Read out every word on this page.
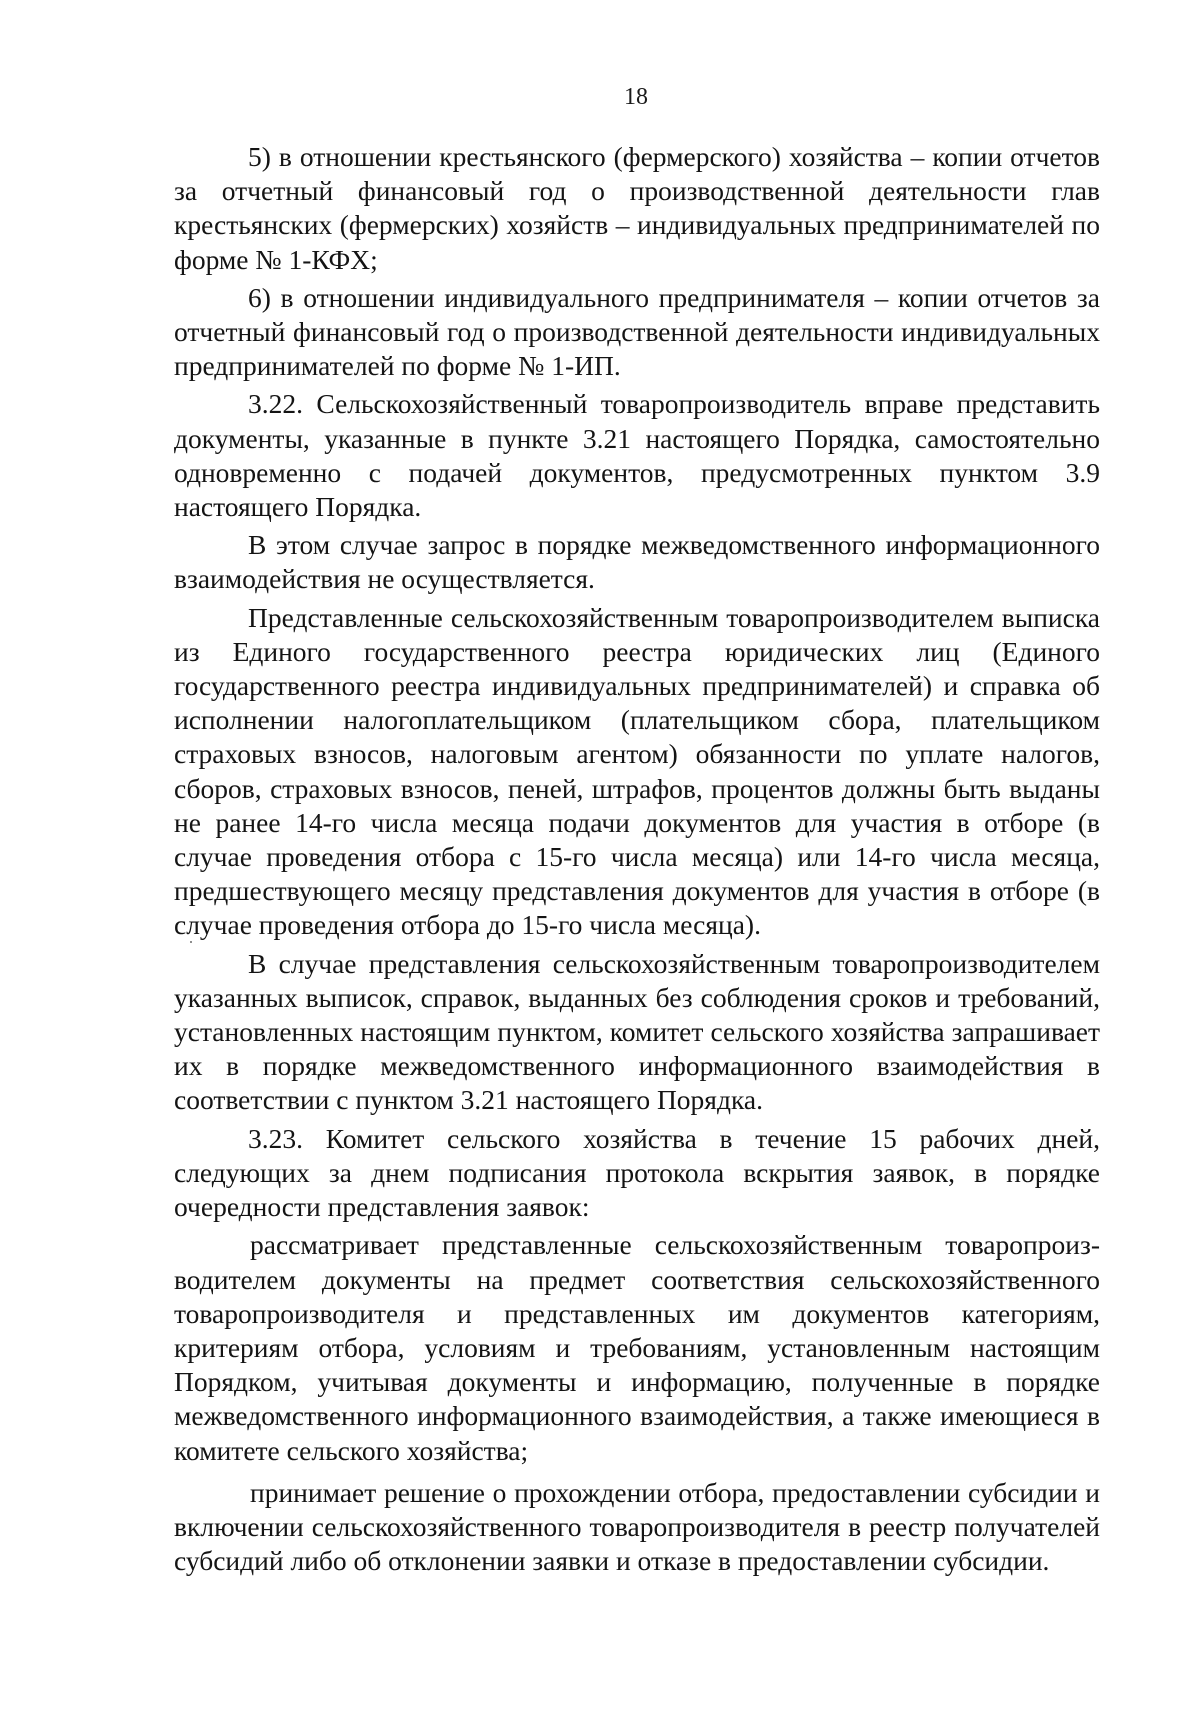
18

5) в отношении крестьянского (фермерского) хозяйства – копии отчетов за отчетный финансовый год о производственной деятельности глав крестьянских (фермерских) хозяйств – индивидуальных предпринимателей по форме № 1-КФХ;

6) в отношении индивидуального предпринимателя – копии отчетов за отчетный финансовый год о производственной деятельности индивидуальных предпринимателей по форме № 1-ИП.

3.22. Сельскохозяйственный товаропроизводитель вправе представить документы, указанные в пункте 3.21 настоящего Порядка, самостоятельно одновременно с подачей документов, предусмотренных пунктом 3.9 настоящего Порядка.

В этом случае запрос в порядке межведомственного информационного взаимодействия не осуществляется.

Представленные сельскохозяйственным товаропроизводителем выписка из Единого государственного реестра юридических лиц (Единого государственного реестра индивидуальных предпринимателей) и справка об исполнении налогоплательщиком (плательщиком сбора, плательщиком страховых взносов, налоговым агентом) обязанности по уплате налогов, сборов, страховых взносов, пеней, штрафов, процентов должны быть выданы не ранее 14-го числа месяца подачи документов для участия в отборе (в случае проведения отбора с 15-го числа месяца) или 14-го числа месяца, предшествующего месяцу представления документов для участия в отборе (в случае проведения отбора до 15-го числа месяца).

В случае представления сельскохозяйственным товаропроизводителем указанных выписок, справок, выданных без соблюдения сроков и требований, установленных настоящим пунктом, комитет сельского хозяйства запрашивает их в порядке межведомственного информационного взаимодействия в соответствии с пунктом 3.21 настоящего Порядка.

3.23. Комитет сельского хозяйства в течение 15 рабочих дней, следующих за днем подписания протокола вскрытия заявок, в порядке очередности представления заявок:

рассматривает представленные сельскохозяйственным товаропроизводителем документы на предмет соответствия сельскохозяйственного товаропроизводителя и представленных им документов категориям, критериям отбора, условиям и требованиям, установленным настоящим Порядком, учитывая документы и информацию, полученные в порядке межведомственного информационного взаимодействия, а также имеющиеся в комитете сельского хозяйства;

принимает решение о прохождении отбора, предоставлении субсидии и включении сельскохозяйственного товаропроизводителя в реестр получателей субсидий либо об отклонении заявки и отказе в предоставлении субсидии.
